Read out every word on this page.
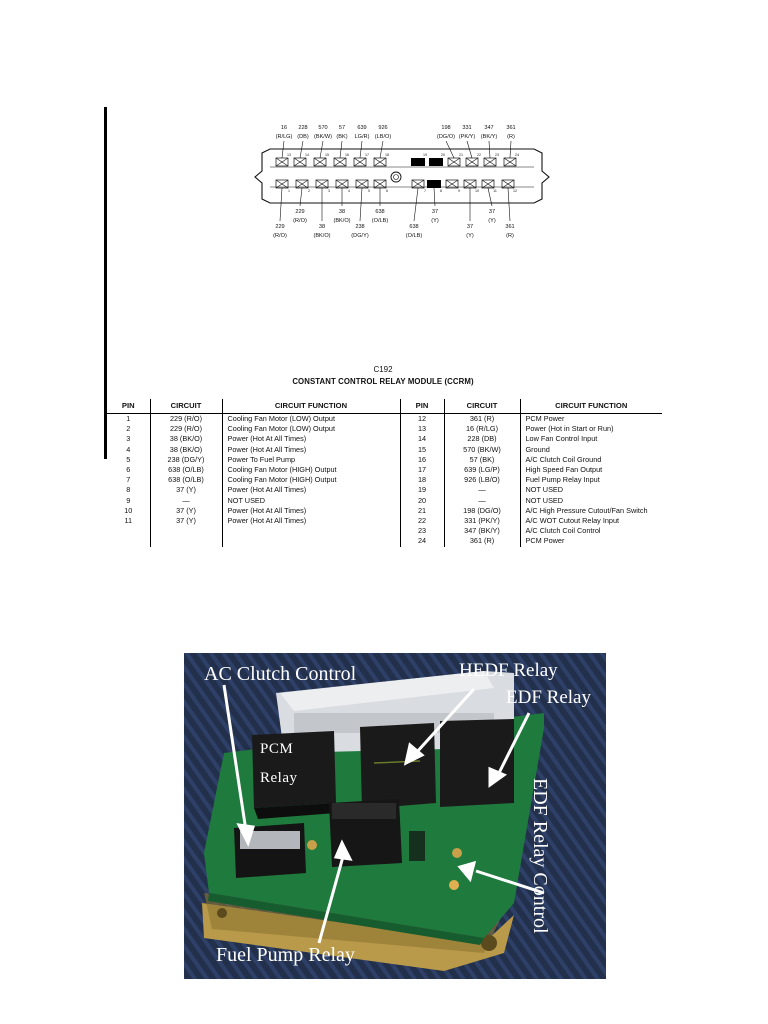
13	14	15	16	17	18	19	20	21	22	23	24
1	2	3	4	5	6	7	8	9	10	11	12
16
(R/LG)
228
(DB)
570
(BK/W)
57
(BK)
639
LG/R)
926
(LB/O)
198
(DG/O)
331
(PK/Y)
347
(BK/Y)
361
(R)
229
(R/O)
38
(BK/O)
638
(O/LB)
37
(Y)
37
(Y)
229
(R/O)
38
(BK/O)
238
(DG/Y)
638
(O/LB)
37
(Y)
361
(R)
C192
CONSTANT CONTROL RELAY MODULE (CCRM)
PIN	CIRCUIT	CIRCUIT FUNCTION	PIN	CIRCUIT	CIRCUIT FUNCTION
1	229 (R/O)	Cooling Fan Motor (LOW) Output	12	361 (R)	PCM Power
2	229 (R/O)	Cooling Fan Motor (LOW) Output	13	16 (R/LG)	Power (Hot in Start or Run)
3	38 (BK/O)	Power (Hot At All Times)	14	228 (DB)	Low Fan Control Input
4	38 (BK/O)	Power (Hot At All Times)	15	570 (BK/W)	Ground
5	238 (DG/Y)	Power To Fuel Pump	16	57 (BK)	A/C Clutch Coil Ground
6	638 (O/LB)	Cooling Fan Motor (HIGH) Output	17	639 (LG/P)	High Speed Fan Output
7	638 (O/LB)	Cooling Fan Motor (HIGH) Output	18	926 (LB/O)	Fuel Pump Relay Input
8	37 (Y)	Power (Hot At All Times)	19	—	NOT USED
9	—	NOT USED	20	—	NOT USED
10	37 (Y)	Power (Hot At All Times)	21	198 (DG/O)	A/C High Pressure Cutout/Fan Switch
11	37 (Y)	Power (Hot At All Times)	22	331 (PK/Y)	A/C WOT Cutout Relay Input
			23	347 (BK/Y)	A/C Clutch Coil Control
			24	361 (R)	PCM Power
PCM
Relay
AC Clutch Control	HEDF Relay
EDF Relay
EDF Relay Control
Fuel Pump Relay
